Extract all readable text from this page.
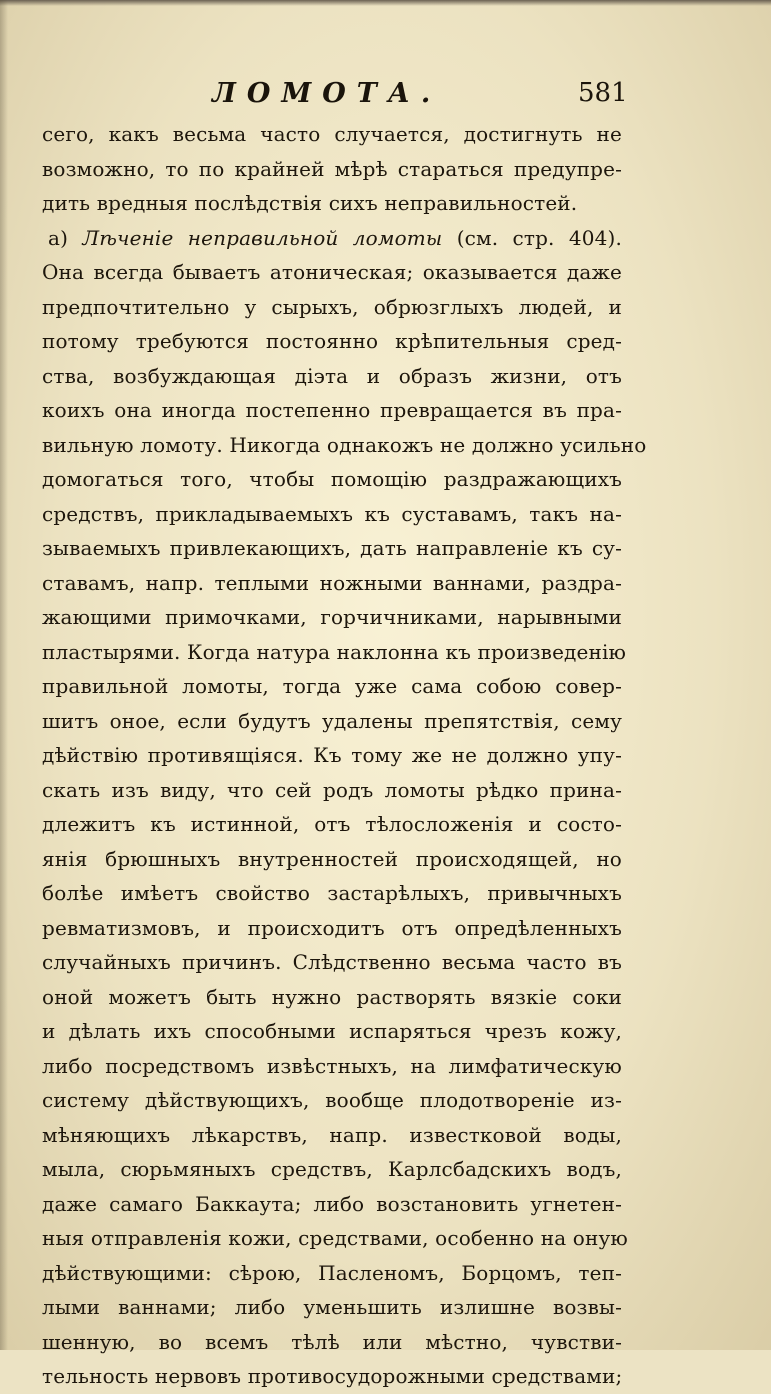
ЛОМОТА.	581
сего, какъ весьма часто случается, достигнуть не
возможно, то по крайней мѣрѣ стараться предупре-
дить вредныя послѣдствія сихъ неправильностей.
а) Лѣченіе неправильной ломоты (см. стр. 404).
Она всегда бываетъ атоническая; оказывается даже
предпочтительно у сырыхъ, обрюзглыхъ людей, и
потому требуются постоянно крѣпительныя сред-
ства, возбуждающая діэта и образъ жизни, отъ
коихъ она иногда постепенно превращается въ пра-
вильную ломоту. Никогда однакожъ не должно усильно
домогаться того, чтобы помощію раздражающихъ
средствъ, прикладываемыхъ къ суставамъ, такъ на-
зываемыхъ привлекающихъ, дать направленіе къ су-
ставамъ, напр. теплыми ножными ваннами, раздра-
жающими примочками, горчичниками, нарывными
пластырями. Когда натура наклонна къ произведенію
правильной ломоты, тогда уже сама собою совер-
шитъ оное, если будутъ удалены препятствія, сему
дѣйствію противящіяся. Къ тому же не должно упу-
скать изъ виду, что сей родъ ломоты рѣдко прина-
длежитъ къ истинной, отъ тѣлосложенія и состо-
янія брюшныхъ внутренностей происходящей, но
болѣе имѣетъ свойство застарѣлыхъ, привычныхъ
ревматизмовъ, и происходитъ отъ опредѣленныхъ
случайныхъ причинъ. Слѣдственно весьма часто въ
оной можетъ быть нужно растворять вязкіе соки
и дѣлать ихъ способными испаряться чрезъ кожу,
либо посредствомъ извѣстныхъ, на лимфатическую
систему дѣйствующихъ, вообще плодотвореніе из-
мѣняющихъ лѣкарствъ, напр. известковой воды,
мыла, сюрьмяныхъ средствъ, Карлсбадскихъ водъ,
даже самаго Баккаута; либо возстановить угнетен-
ныя отправленія кожи, средствами, особенно на оную
дѣйствующими: сѣрою, Пасленомъ, Борцомъ, теп-
лыми ваннами; либо уменьшить излишне возвы-
шенную, во всемъ тѣлѣ или мѣстно, чувстви-
тельность нервовъ противосудорожными средствами;
